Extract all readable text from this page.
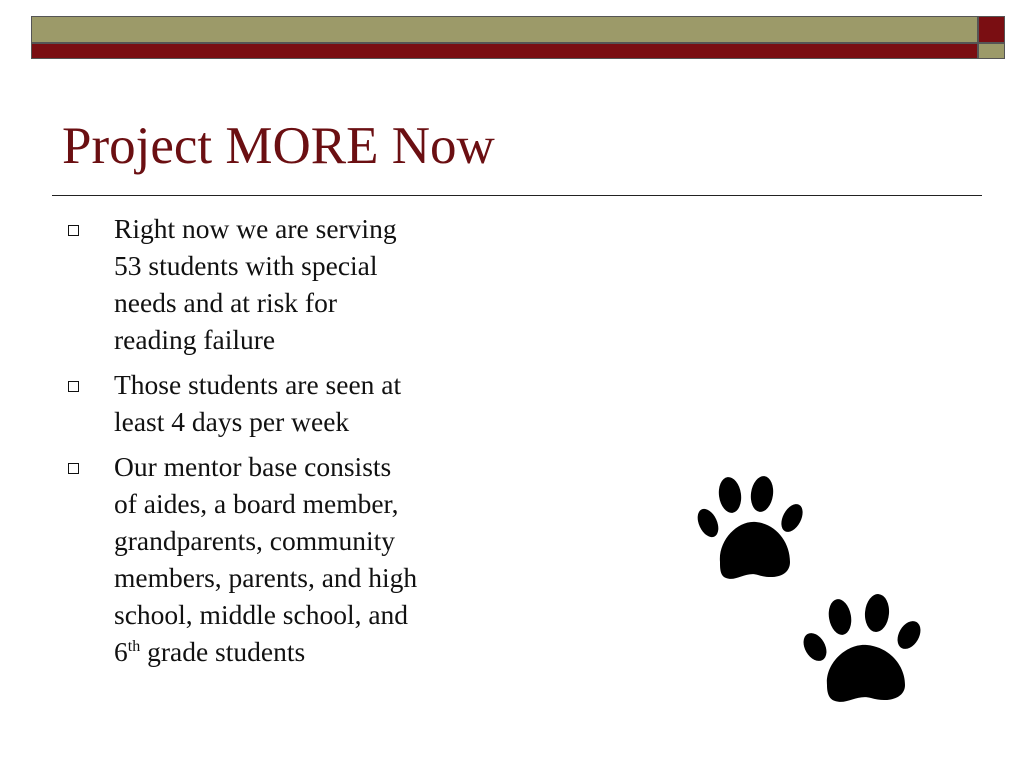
Project MORE Now
Right now we are serving
53 students with special
needs and at risk for
reading failure
Those students are seen at
least 4 days per week
Our mentor base consists
of aides, a board member,
grandparents, community
members, parents, and high
school, middle school, and
6th grade students
